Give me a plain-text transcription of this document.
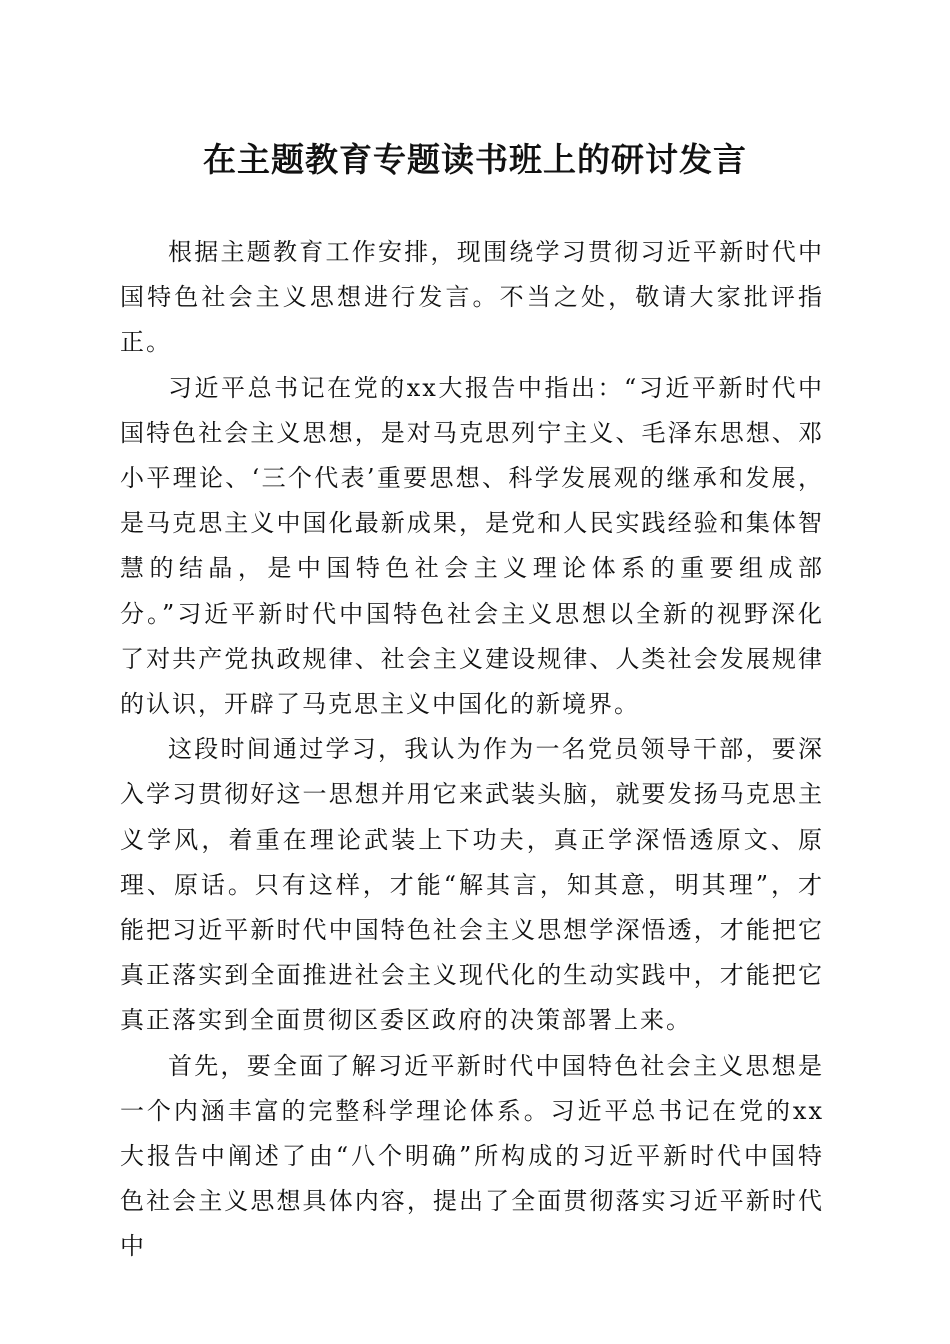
在主题教育专题读书班上的研讨发言

根据主题教育工作安排，现围绕学习贯彻习近平新时代中国特色社会主义思想进行发言。不当之处，敬请大家批评指正。

习近平总书记在党的xx大报告中指出：“习近平新时代中国特色社会主义思想，是对马克思列宁主义、毛泽东思想、邓小平理论、‘三个代表’重要思想、科学发展观的继承和发展，是马克思主义中国化最新成果，是党和人民实践经验和集体智慧的结晶，是中国特色社会主义理论体系的重要组成部分。”习近平新时代中国特色社会主义思想以全新的视野深化了对共产党执政规律、社会主义建设规律、人类社会发展规律的认识，开辟了马克思主义中国化的新境界。

这段时间通过学习，我认为作为一名党员领导干部，要深入学习贯彻好这一思想并用它来武装头脑，就要发扬马克思主义学风，着重在理论武装上下功夫，真正学深悟透原文、原理、原话。只有这样，才能“解其言，知其意，明其理”，才能把习近平新时代中国特色社会主义思想学深悟透，才能把它真正落实到全面推进社会主义现代化的生动实践中，才能把它真正落实到全面贯彻区委区政府的决策部署上来。

首先，要全面了解习近平新时代中国特色社会主义思想是一个内涵丰富的完整科学理论体系。习近平总书记在党的xx大报告中阐述了由“八个明确”所构成的习近平新时代中国特色社会主义思想具体内容，提出了全面贯彻落实习近平新时代中
